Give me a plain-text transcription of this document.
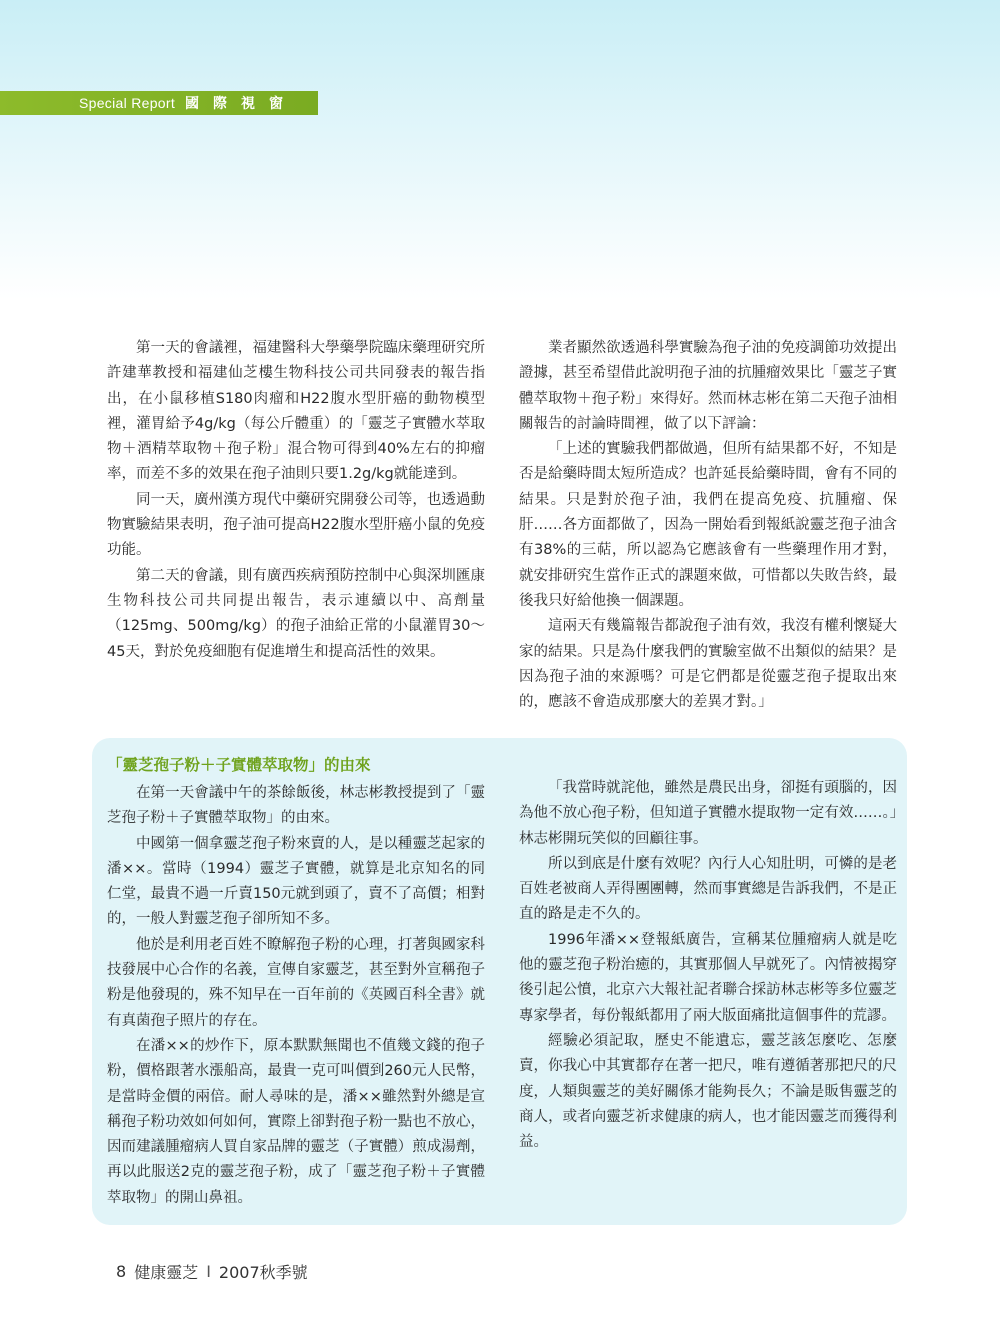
Special Report 國際視窗

第一天的會議裡，福建醫科大學藥學院臨床藥理研究所許建華教授和福建仙芝樓生物科技公司共同發表的報告指出，在小鼠移植S180肉瘤和H22腹水型肝癌的動物模型裡，灌胃給予4g/kg（每公斤體重）的「靈芝子實體水萃取物＋酒精萃取物＋孢子粉」混合物可得到40%左右的抑瘤率，而差不多的效果在孢子油則只要1.2g/kg就能達到。

同一天，廣州漢方現代中藥研究開發公司等，也透過動物實驗結果表明，孢子油可提高H22腹水型肝癌小鼠的免疫功能。

第二天的會議，則有廣西疾病預防控制中心與深圳匯康生物科技公司共同提出報告，表示連續以中、高劑量（125mg、500mg/kg）的孢子油給正常的小鼠灌胃30～45天，對於免疫細胞有促進增生和提高活性的效果。

業者顯然欲透過科學實驗為孢子油的免疫調節功效提出證據，甚至希望借此說明孢子油的抗腫瘤效果比「靈芝子實體萃取物＋孢子粉」來得好。然而林志彬在第二天孢子油相關報告的討論時間裡，做了以下評論：

「上述的實驗我們都做過，但所有結果都不好，不知是否是給藥時間太短所造成？也許延長給藥時間，會有不同的結果。只是對於孢子油，我們在提高免疫、抗腫瘤、保肝……各方面都做了，因為一開始看到報紙說靈芝孢子油含有38%的三萜，所以認為它應該會有一些藥理作用才對，就安排研究生當作正式的課題來做，可惜都以失敗告終，最後我只好給他換一個課題。

這兩天有幾篇報告都說孢子油有效，我沒有權利懷疑大家的結果。只是為什麼我們的實驗室做不出類似的結果？是因為孢子油的來源嗎？可是它們都是從靈芝孢子提取出來的，應該不會造成那麼大的差異才對。」

「靈芝孢子粉＋子實體萃取物」的由來

在第一天會議中午的茶餘飯後，林志彬教授提到了「靈芝孢子粉＋子實體萃取物」的由來。

中國第一個拿靈芝孢子粉來賣的人，是以種靈芝起家的潘××。當時（1994）靈芝子實體，就算是北京知名的同仁堂，最貴不過一斤賣150元就到頭了，賣不了高價；相對的，一般人對靈芝孢子卻所知不多。

他於是利用老百姓不瞭解孢子粉的心理，打著與國家科技發展中心合作的名義，宣傳自家靈芝，甚至對外宣稱孢子粉是他發現的，殊不知早在一百年前的《英國百科全書》就有真菌孢子照片的存在。

在潘××的炒作下，原本默默無聞也不值幾文錢的孢子粉，價格跟著水漲船高，最貴一克可叫價到260元人民幣，是當時金價的兩倍。耐人尋味的是，潘××雖然對外總是宣稱孢子粉功效如何如何，實際上卻對孢子粉一點也不放心，因而建議腫瘤病人買自家品牌的靈芝（子實體）煎成湯劑，再以此服送2克的靈芝孢子粉，成了「靈芝孢子粉＋子實體萃取物」的開山鼻祖。

「我當時就詫他，雖然是農民出身，卻挺有頭腦的，因為他不放心孢子粉，但知道子實體水提取物一定有效……。」林志彬開玩笑似的回顧往事。

所以到底是什麼有效呢？內行人心知肚明，可憐的是老百姓老被商人弄得團團轉，然而事實總是告訴我們，不是正直的路是走不久的。

1996年潘××登報紙廣告，宣稱某位腫瘤病人就是吃他的靈芝孢子粉治癒的，其實那個人早就死了。內情被揭穿後引起公憤，北京六大報社記者聯合採訪林志彬等多位靈芝專家學者，每份報紙都用了兩大版面痛批這個事件的荒謬。

經驗必須記取，歷史不能遺忘，靈芝該怎麼吃、怎麼賣，你我心中其實都存在著一把尺，唯有遵循著那把尺的尺度，人類與靈芝的美好關係才能夠長久；不論是販售靈芝的商人，或者向靈芝祈求健康的病人，也才能因靈芝而獲得利益。

8 健康靈芝 I 2007秋季號
